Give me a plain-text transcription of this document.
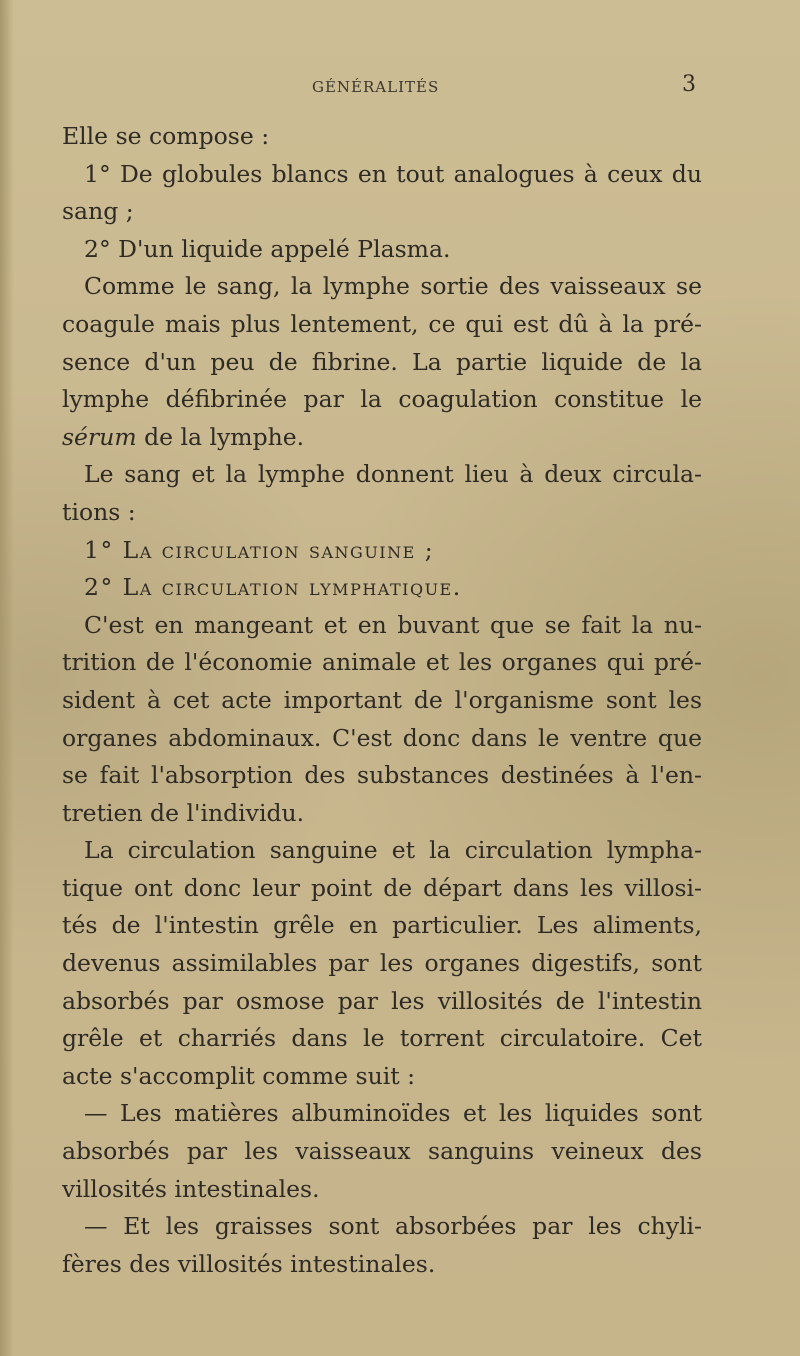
GÉNÉRALITÉS	3
Elle se compose :
1° De globules blancs en tout analogues à ceux du
sang ;
2° D'un liquide appelé Plasma.
Comme le sang, la lymphe sortie des vaisseaux se
coagule mais plus lentement, ce qui est dû à la pré-
sence d'un peu de fibrine. La partie liquide de la
lymphe défibrinée par la coagulation constitue le
sérum de la lymphe.
Le sang et la lymphe donnent lieu à deux circula-
tions :
1° La circulation sanguine ;
2° La circulation lymphatique.
C'est en mangeant et en buvant que se fait la nu-
trition de l'économie animale et les organes qui pré-
sident à cet acte important de l'organisme sont les
organes abdominaux. C'est donc dans le ventre que
se fait l'absorption des substances destinées à l'en-
tretien de l'individu.
La circulation sanguine et la circulation lympha-
tique ont donc leur point de départ dans les villosi-
tés de l'intestin grêle en particulier. Les aliments,
devenus assimilables par les organes digestifs, sont
absorbés par osmose par les villosités de l'intestin
grêle et charriés dans le torrent circulatoire. Cet
acte s'accomplit comme suit :
— Les matières albuminoïdes et les liquides sont
absorbés par les vaisseaux sanguins veineux des
villosités intestinales.
— Et les graisses sont absorbées par les chyli-
fères des villosités intestinales.
